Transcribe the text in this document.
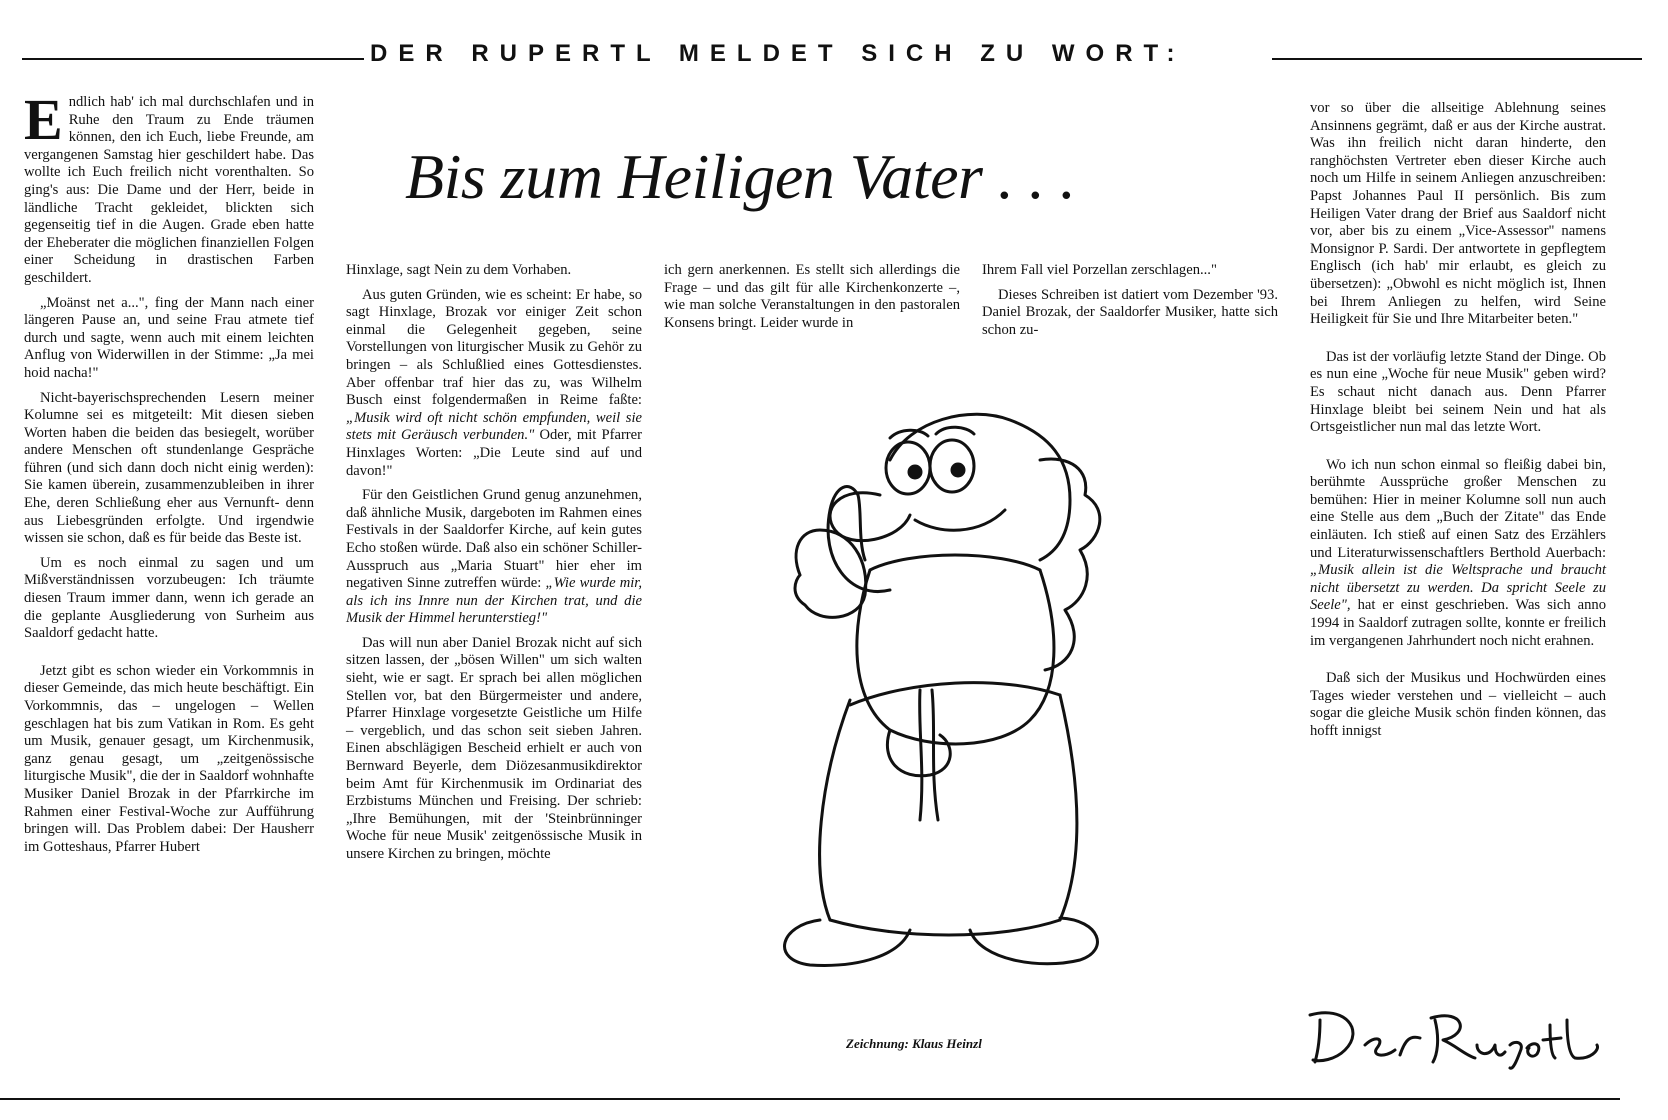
DER RUPERTL MELDET SICH ZU WORT:
Bis zum Heiligen Vater . . .

Endlich hab' ich mal durchschlafen und in Ruhe den Traum zu Ende träumen können, den ich Euch, liebe Freunde, am vergangenen Samstag hier geschildert habe. Das wollte ich Euch freilich nicht vorenthalten. So ging's aus: Die Dame und der Herr, beide in ländliche Tracht gekleidet, blickten sich gegenseitig tief in die Augen. Grade eben hatte der Eheberater die möglichen finanziellen Folgen einer Scheidung in drastischen Farben geschildert.

„Moänst net a...", fing der Mann nach einer längeren Pause an, und seine Frau atmete tief durch und sagte, wenn auch mit einem leichten Anflug von Widerwillen in der Stimme: „Ja mei hoid nacha!"

Nicht-bayerischsprechenden Lesern meiner Kolumne sei es mitgeteilt: Mit diesen sieben Worten haben die beiden das besiegelt, worüber andere Menschen oft stundenlange Gespräche führen (und sich dann doch nicht einig werden): Sie kamen überein, zusammenzubleiben in ihrer Ehe, deren Schließung eher aus Vernunft- denn aus Liebesgründen erfolgte. Und irgendwie wissen sie schon, daß es für beide das Beste ist.

Um es noch einmal zu sagen und um Mißverständnissen vorzubeugen: Ich träumte diesen Traum immer dann, wenn ich gerade an die geplante Ausgliederung von Surheim aus Saaldorf gedacht hatte.

Jetzt gibt es schon wieder ein Vorkommnis in dieser Gemeinde, das mich heute beschäftigt. Ein Vorkommnis, das – ungelogen – Wellen geschlagen hat bis zum Vatikan in Rom. Es geht um Musik, genauer gesagt, um Kirchenmusik, ganz genau gesagt, um „zeitgenössische liturgische Musik", die der in Saaldorf wohnhafte Musiker Daniel Brozak in der Pfarrkirche im Rahmen einer Festival-Woche zur Aufführung bringen will. Das Problem dabei: Der Hausherr im Gotteshaus, Pfarrer Hubert

Hinxlage, sagt Nein zu dem Vorhaben.

Aus guten Gründen, wie es scheint: Er habe, so sagt Hinxlage, Brozak vor einiger Zeit schon einmal die Gelegenheit gegeben, seine Vorstellungen von liturgischer Musik zu Gehör zu bringen – als Schlußlied eines Gottesdienstes. Aber offenbar traf hier das zu, was Wilhelm Busch einst folgendermaßen in Reime faßte: „Musik wird oft nicht schön empfunden, weil sie stets mit Geräusch verbunden." Oder, mit Pfarrer Hinxlages Worten: „Die Leute sind auf und davon!"

Für den Geistlichen Grund genug anzunehmen, daß ähnliche Musik, dargeboten im Rahmen eines Festivals in der Saaldorfer Kirche, auf kein gutes Echo stoßen würde. Daß also ein schöner Schiller-Ausspruch aus „Maria Stuart" hier eher im negativen Sinne zutreffen würde: „Wie wurde mir, als ich ins Innre nun der Kirchen trat, und die Musik der Himmel herunterstieg!"

Das will nun aber Daniel Brozak nicht auf sich sitzen lassen, der „bösen Willen" um sich walten sieht, wie er sagt. Er sprach bei allen möglichen Stellen vor, bat den Bürgermeister und andere, Pfarrer Hinxlage vorgesetzte Geistliche um Hilfe – vergeblich, und das schon seit sieben Jahren. Einen abschlägigen Bescheid erhielt er auch von Bernward Beyerle, dem Diözesanmusikdirektor beim Amt für Kirchenmusik im Ordinariat des Erzbistums München und Freising. Der schrieb: „Ihre Bemühungen, mit der 'Steinbrünninger Woche für neue Musik' zeitgenössische Musik in unsere Kirchen zu bringen, möchte

ich gern anerkennen. Es stellt sich allerdings die Frage – und das gilt für alle Kirchenkonzerte –, wie man solche Veranstaltungen in den pastoralen Konsens bringt. Leider wurde in

Ihrem Fall viel Porzellan zerschlagen..."

Dieses Schreiben ist datiert vom Dezember '93. Daniel Brozak, der Saaldorfer Musiker, hatte sich schon zu-

vor so über die allseitige Ablehnung seines Ansinnens gegrämt, daß er aus der Kirche austrat. Was ihn freilich nicht daran hinderte, den ranghöchsten Vertreter eben dieser Kirche auch noch um Hilfe in seinem Anliegen anzuschreiben: Papst Johannes Paul II persönlich. Bis zum Heiligen Vater drang der Brief aus Saaldorf nicht vor, aber bis zu einem „Vice-Assessor" namens Monsignor P. Sardi. Der antwortete in gepflegtem Englisch (ich hab' mir erlaubt, es gleich zu übersetzen): „Obwohl es nicht möglich ist, Ihnen bei Ihrem Anliegen zu helfen, wird Seine Heiligkeit für Sie und Ihre Mitarbeiter beten."

Das ist der vorläufig letzte Stand der Dinge. Ob es nun eine „Woche für neue Musik" geben wird? Es schaut nicht danach aus. Denn Pfarrer Hinxlage bleibt bei seinem Nein und hat als Ortsgeistlicher nun mal das letzte Wort.

Wo ich nun schon einmal so fleißig dabei bin, berühmte Aussprüche großer Menschen zu bemühen: Hier in meiner Kolumne soll nun auch eine Stelle aus dem „Buch der Zitate" das Ende einläuten. Ich stieß auf einen Satz des Erzählers und Literaturwissenschaftlers Berthold Auerbach: „Musik allein ist die Weltsprache und braucht nicht übersetzt zu werden. Da spricht Seele zu Seele", hat er einst geschrieben. Was sich anno 1994 in Saaldorf zutragen sollte, konnte er freilich im vergangenen Jahrhundert noch nicht erahnen.

Daß sich der Musikus und Hochwürden eines Tages wieder verstehen und – vielleicht – auch sogar die gleiche Musik schön finden können, das hofft innigst

Zeichnung: Klaus Heinzl
